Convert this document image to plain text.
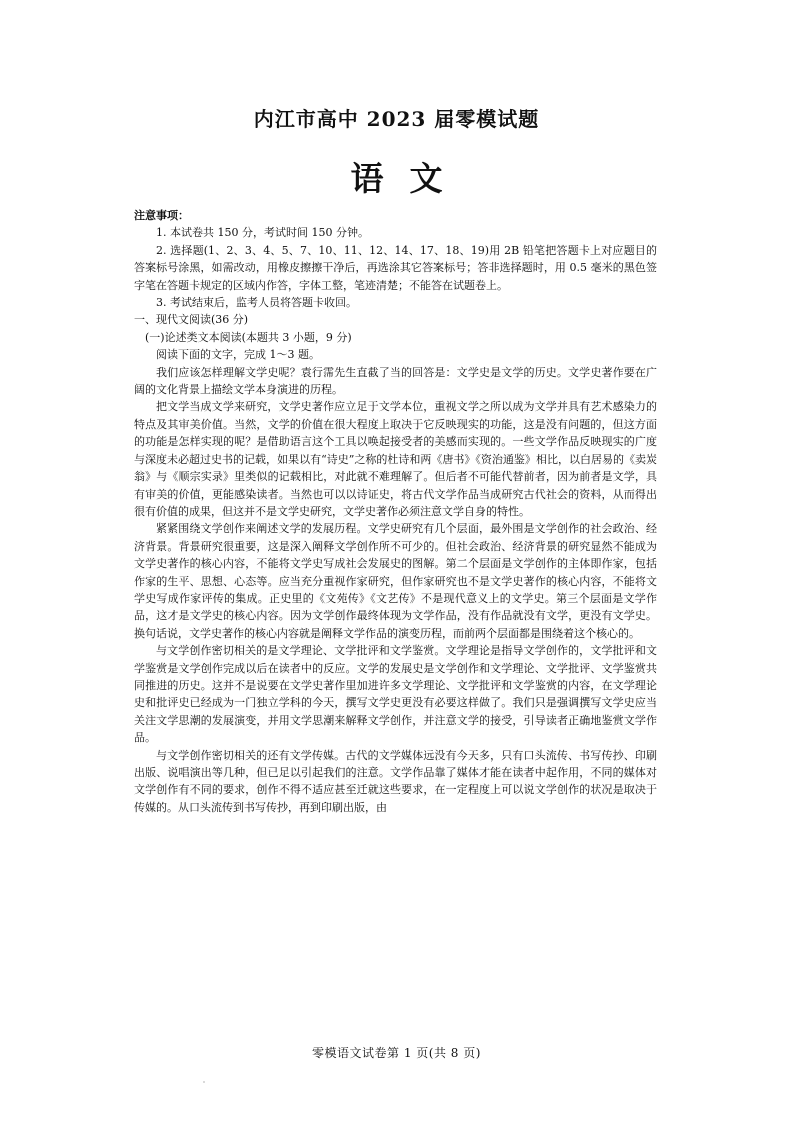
内江市高中 2023 届零模试题
语文

注意事项：

1. 本试卷共 150 分，考试时间 150 分钟。

2. 选择题(1、2、3、4、5、7、10、11、12、14、17、18、19)用 2B 铅笔把答题卡上对应题目的答案标号涂黑，如需改动，用橡皮擦擦干净后，再选涂其它答案标号；答非选择题时，用 0.5 毫米的黑色签字笔在答题卡规定的区域内作答，字体工整，笔迹清楚；不能答在试题卷上。

3. 考试结束后，监考人员将答题卡收回。

一、现代文阅读(36 分)

(一)论述类文本阅读(本题共 3 小题，9 分)

阅读下面的文字，完成 1～3 题。

我们应该怎样理解文学史呢？袁行霈先生直截了当的回答是：文学史是文学的历史。文学史著作要在广阔的文化背景上描绘文学本身演进的历程。

把文学当成文学来研究，文学史著作应立足于文学本位，重视文学之所以成为文学并具有艺术感染力的特点及其审美价值。当然，文学的价值在很大程度上取决于它反映现实的功能，这是没有问题的，但这方面的功能是怎样实现的呢？是借助语言这个工具以唤起接受者的美感而实现的。一些文学作品反映现实的广度与深度未必超过史书的记载，如果以有“诗史”之称的杜诗和两《唐书》《资治通鉴》相比，以白居易的《卖炭翁》与《顺宗实录》里类似的记载相比，对此就不难理解了。但后者不可能代替前者，因为前者是文学，具有审美的价值，更能感染读者。当然也可以以诗证史，将古代文学作品当成研究古代社会的资料，从而得出很有价值的成果，但这并不是文学史研究，文学史著作必须注意文学自身的特性。

紧紧围绕文学创作来阐述文学的发展历程。文学史研究有几个层面，最外围是文学创作的社会政治、经济背景。背景研究很重要，这是深入阐释文学创作所不可少的。但社会政治、经济背景的研究显然不能成为文学史著作的核心内容，不能将文学史写成社会发展史的图解。第二个层面是文学创作的主体即作家，包括作家的生平、思想、心态等。应当充分重视作家研究，但作家研究也不是文学史著作的核心内容，不能将文学史写成作家评传的集成。正史里的《文苑传》《文艺传》不是现代意义上的文学史。第三个层面是文学作品，这才是文学史的核心内容。因为文学创作最终体现为文学作品，没有作品就没有文学，更没有文学史。换句话说，文学史著作的核心内容就是阐释文学作品的演变历程，而前两个层面都是围绕着这个核心的。

与文学创作密切相关的是文学理论、文学批评和文学鉴赏。文学理论是指导文学创作的，文学批评和文学鉴赏是文学创作完成以后在读者中的反应。文学的发展史是文学创作和文学理论、文学批评、文学鉴赏共同推进的历史。这并不是说要在文学史著作里加进许多文学理论、文学批评和文学鉴赏的内容，在文学理论史和批评史已经成为一门独立学科的今天，撰写文学史更没有必要这样做了。我们只是强调撰写文学史应当关注文学思潮的发展演变，并用文学思潮来解释文学创作，并注意文学的接受，引导读者正确地鉴赏文学作品。

与文学创作密切相关的还有文学传媒。古代的文学媒体远没有今天多，只有口头流传、书写传抄、印刷出版、说唱演出等几种，但已足以引起我们的注意。文学作品靠了媒体才能在读者中起作用，不同的媒体对文学创作有不同的要求，创作不得不适应甚至迁就这些要求，在一定程度上可以说文学创作的状况是取决于传媒的。从口头流传到书写传抄，再到印刷出版，由

零模语文试卷第 1 页(共 8 页)
